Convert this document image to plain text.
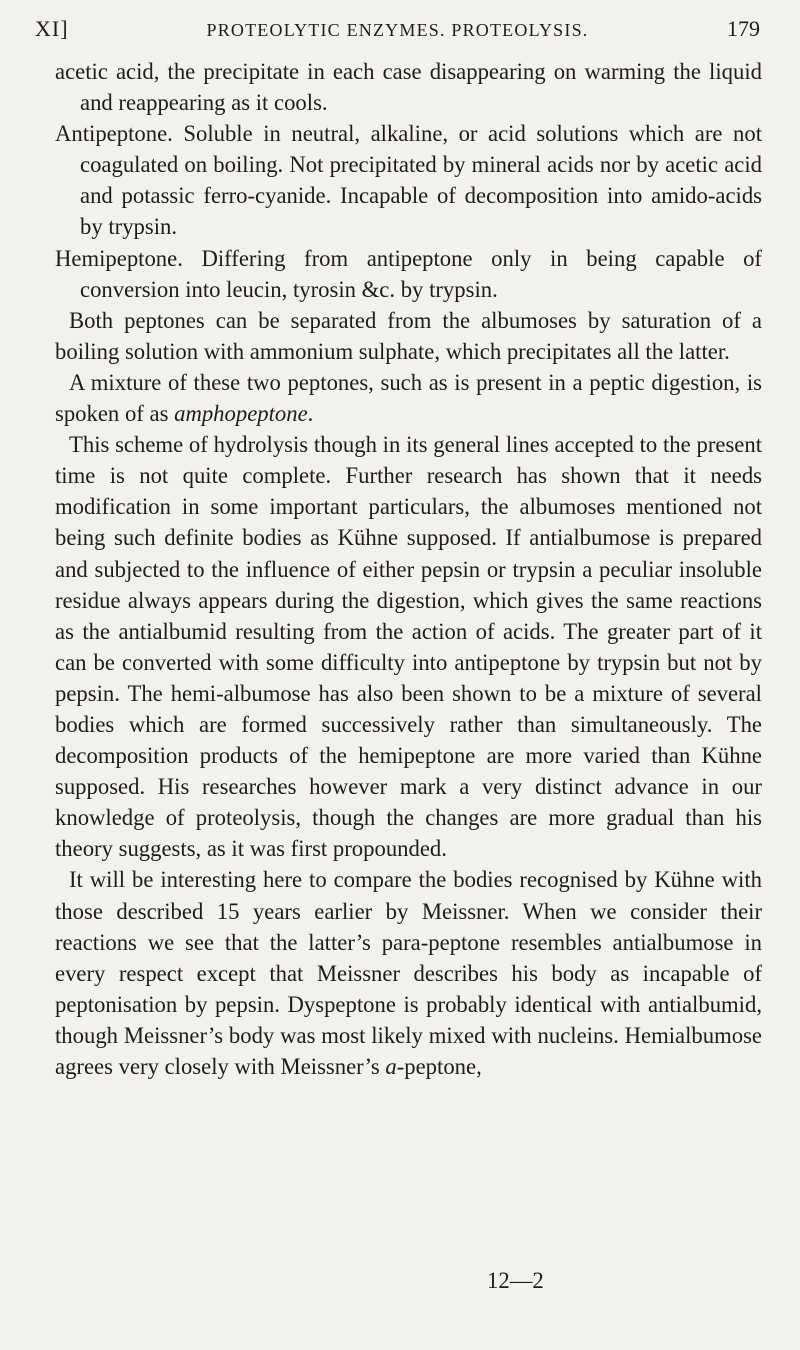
XI]	PROTEOLYTIC ENZYMES. PROTEOLYSIS.	179

acetic acid, the precipitate in each case disappearing on warming the liquid and reappearing as it cools.

Antipeptone. Soluble in neutral, alkaline, or acid solutions which are not coagulated on boiling. Not precipitated by mineral acids nor by acetic acid and potassic ferro-cyanide. Incapable of decomposition into amido-acids by trypsin.

Hemipeptone. Differing from antipeptone only in being capable of conversion into leucin, tyrosin &c. by trypsin.

Both peptones can be separated from the albumoses by saturation of a boiling solution with ammonium sulphate, which precipitates all the latter.

A mixture of these two peptones, such as is present in a peptic digestion, is spoken of as amphopeptone.

This scheme of hydrolysis though in its general lines accepted to the present time is not quite complete. Further research has shown that it needs modification in some important particulars, the albumoses mentioned not being such definite bodies as Kühne supposed. If antialbumose is prepared and subjected to the influence of either pepsin or trypsin a peculiar insoluble residue always appears during the digestion, which gives the same reactions as the antialbumid resulting from the action of acids. The greater part of it can be converted with some difficulty into antipeptone by trypsin but not by pepsin. The hemi-albumose has also been shown to be a mixture of several bodies which are formed successively rather than simultaneously. The decomposition products of the hemipeptone are more varied than Kühne supposed. His researches however mark a very distinct advance in our knowledge of proteolysis, though the changes are more gradual than his theory suggests, as it was first propounded.

It will be interesting here to compare the bodies recognised by Kühne with those described 15 years earlier by Meissner. When we consider their reactions we see that the latter’s para-peptone resembles antialbumose in every respect except that Meissner describes his body as incapable of peptonisation by pepsin. Dyspeptone is probably identical with antialbumid, though Meissner’s body was most likely mixed with nucleins. Hemialbumose agrees very closely with Meissner’s a-peptone,

12—2
